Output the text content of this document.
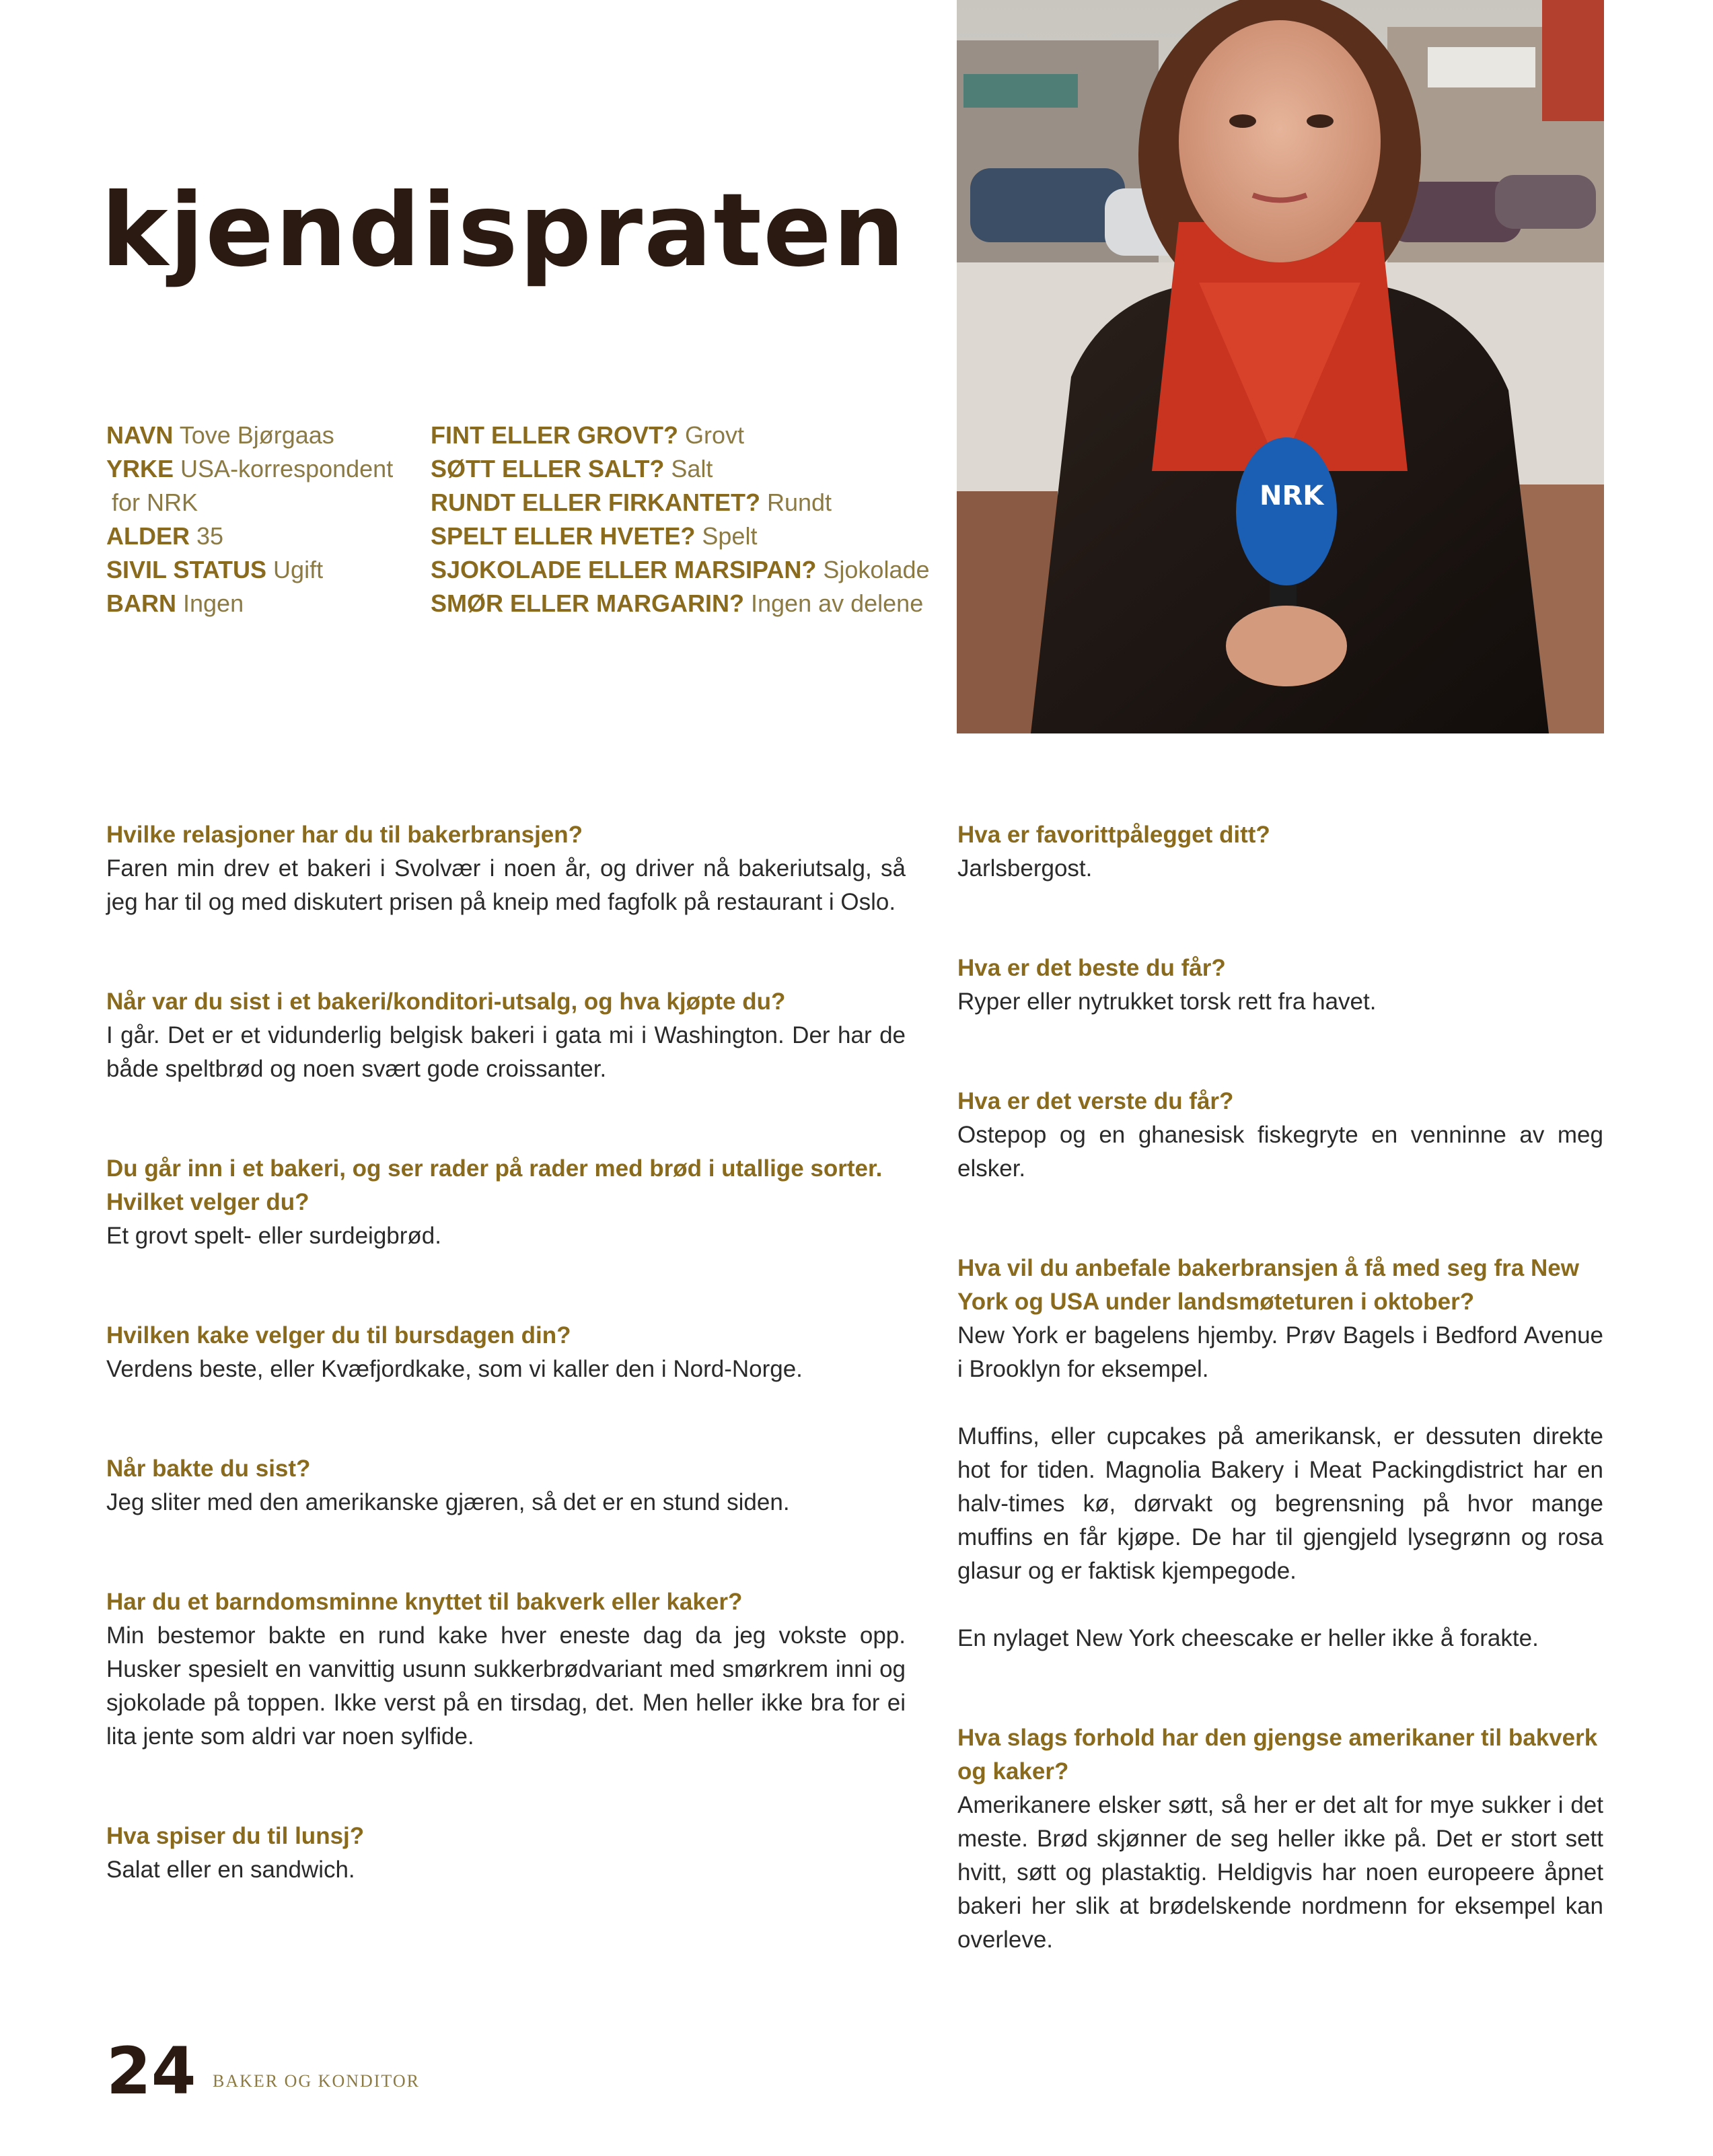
kjendispraten
NAVN Tove Bjørgaas
YRKE USA-korrespondent
for NRK
ALDER 35
SIVIL STATUS Ugift
BARN Ingen
FINT ELLER GROVT? Grovt
SØTT ELLER SALT? Salt
RUNDT ELLER FIRKANTET? Rundt
SPELT ELLER HVETE? Spelt
SJOKOLADE ELLER MARSIPAN? Sjokolade
SMØR ELLER MARGARIN? Ingen av delene
NRK

Hvilke relasjoner har du til bakerbransjen?

Faren min drev et bakeri i Svolvær i noen år, og driver nå bakeriutsalg, så jeg har til og med diskutert prisen på kneip med fagfolk på restaurant i Oslo.

Når var du sist i et bakeri/konditori-utsalg, og hva kjøpte du?

I går. Det er et vidunderlig belgisk bakeri i gata mi i Washington. Der har de både speltbrød og noen svært gode croissanter.

Du går inn i et bakeri, og ser rader på rader med brød i utallige sorter. Hvilket velger du?

Et grovt spelt- eller surdeigbrød.

Hvilken kake velger du til bursdagen din?

Verdens beste, eller Kvæfjordkake, som vi kaller den i Nord-Norge.

Når bakte du sist?

Jeg sliter med den amerikanske gjæren, så det er en stund siden.

Har du et barndomsminne knyttet til bakverk eller kaker?

Min bestemor bakte en rund kake hver eneste dag da jeg vokste opp. Husker spesielt en vanvittig usunn sukkerbrødvariant med smørkrem inni og sjokolade på toppen. Ikke verst på en tirsdag, det. Men heller ikke bra for ei lita jente som aldri var noen sylfide.

Hva spiser du til lunsj?

Salat eller en sandwich.

Hva er favorittpålegget ditt?

Jarlsbergost.

Hva er det beste du får?

Ryper eller nytrukket torsk rett fra havet.

Hva er det verste du får?

Ostepop og en ghanesisk fiskegryte en venninne av meg elsker.

Hva vil du anbefale bakerbransjen å få med seg fra New York og USA under landsmøteturen i oktober?

New York er bagelens hjemby. Prøv Bagels i Bedford Avenue i Brooklyn for eksempel.

Muffins, eller cupcakes på amerikansk, er dessuten direkte hot for tiden. Magnolia Bakery i Meat Packingdistrict har en halv-times kø, dørvakt og begrensning på hvor mange muffins en får kjøpe. De har til gjengjeld lysegrønn og rosa glasur og er faktisk kjempegode.

En nylaget New York cheescake er heller ikke å forakte.

Hva slags forhold har den gjengse amerikaner til bakverk og kaker?

Amerikanere elsker søtt, så her er det alt for mye sukker i det meste. Brød skjønner de seg heller ikke på. Det er stort sett hvitt, søtt og plastaktig. Heldigvis har noen europeere åpnet bakeri her slik at brødelskende nordmenn for eksempel kan overleve.

24 BAKER OG KONDITOR
